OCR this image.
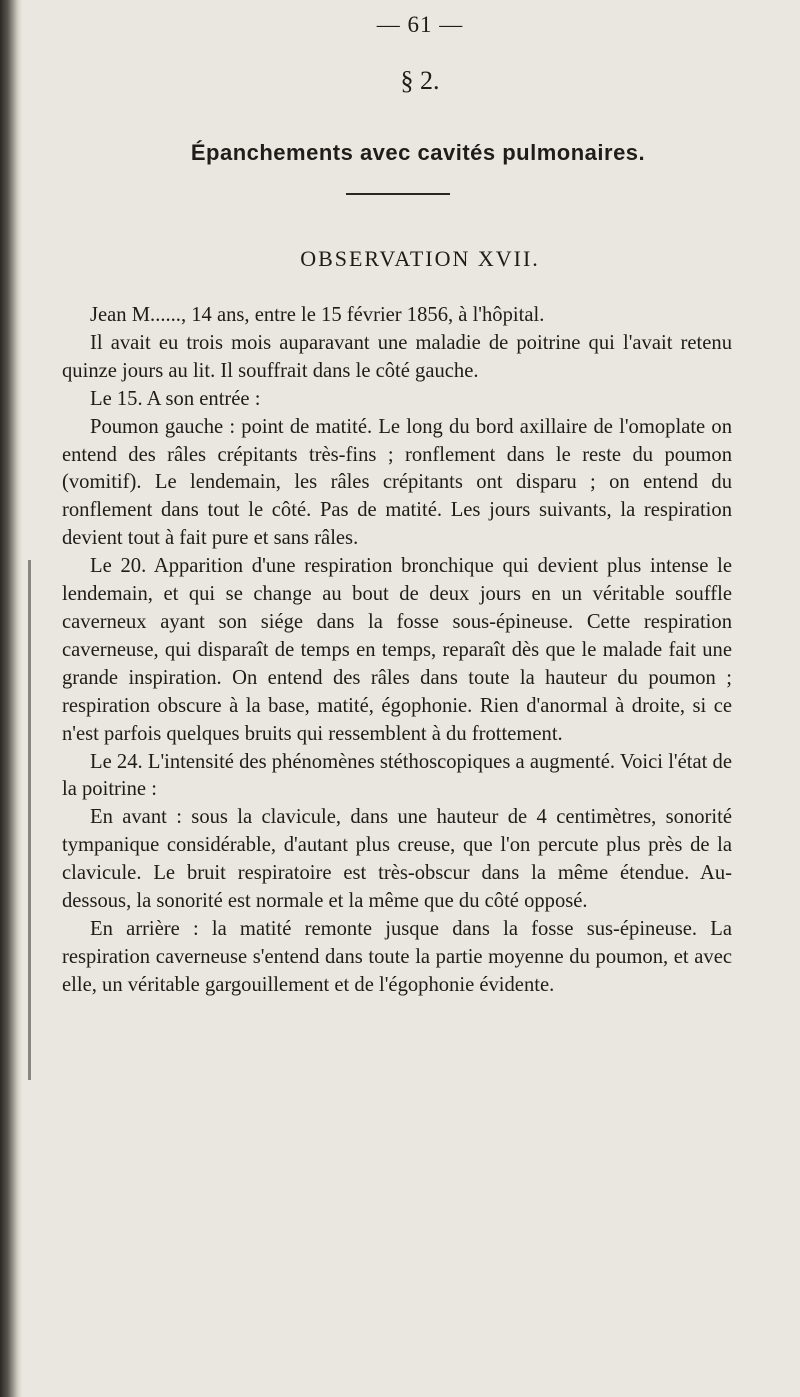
— 61 —
§ 2.
Épanchements avec cavités pulmonaires.
OBSERVATION XVII.

Jean M......, 14 ans, entre le 15 février 1856, à l'hôpital.

Il avait eu trois mois auparavant une maladie de poitrine qui l'avait retenu quinze jours au lit. Il souffrait dans le côté gauche.

Le 15. A son entrée :

Poumon gauche : point de matité. Le long du bord axillaire de l'omoplate on entend des râles crépitants très-fins ; ronflement dans le reste du poumon (vomitif). Le lendemain, les râles crépitants ont disparu ; on entend du ronflement dans tout le côté. Pas de matité. Les jours suivants, la respiration devient tout à fait pure et sans râles.

Le 20. Apparition d'une respiration bronchique qui devient plus intense le lendemain, et qui se change au bout de deux jours en un véritable souffle caverneux ayant son siége dans la fosse sous-épineuse. Cette respiration caverneuse, qui disparaît de temps en temps, reparaît dès que le malade fait une grande inspiration. On entend des râles dans toute la hauteur du poumon ; respiration obscure à la base, matité, égophonie. Rien d'anormal à droite, si ce n'est parfois quelques bruits qui ressemblent à du frottement.

Le 24. L'intensité des phénomènes stéthoscopiques a augmenté. Voici l'état de la poitrine :

En avant : sous la clavicule, dans une hauteur de 4 centimètres, sonorité tympanique considérable, d'autant plus creuse, que l'on percute plus près de la clavicule. Le bruit respiratoire est très-obscur dans la même étendue. Au-dessous, la sonorité est normale et la même que du côté opposé.

En arrière : la matité remonte jusque dans la fosse sus-épineuse. La respiration caverneuse s'entend dans toute la partie moyenne du poumon, et avec elle, un véritable gargouillement et de l'égophonie évidente.
